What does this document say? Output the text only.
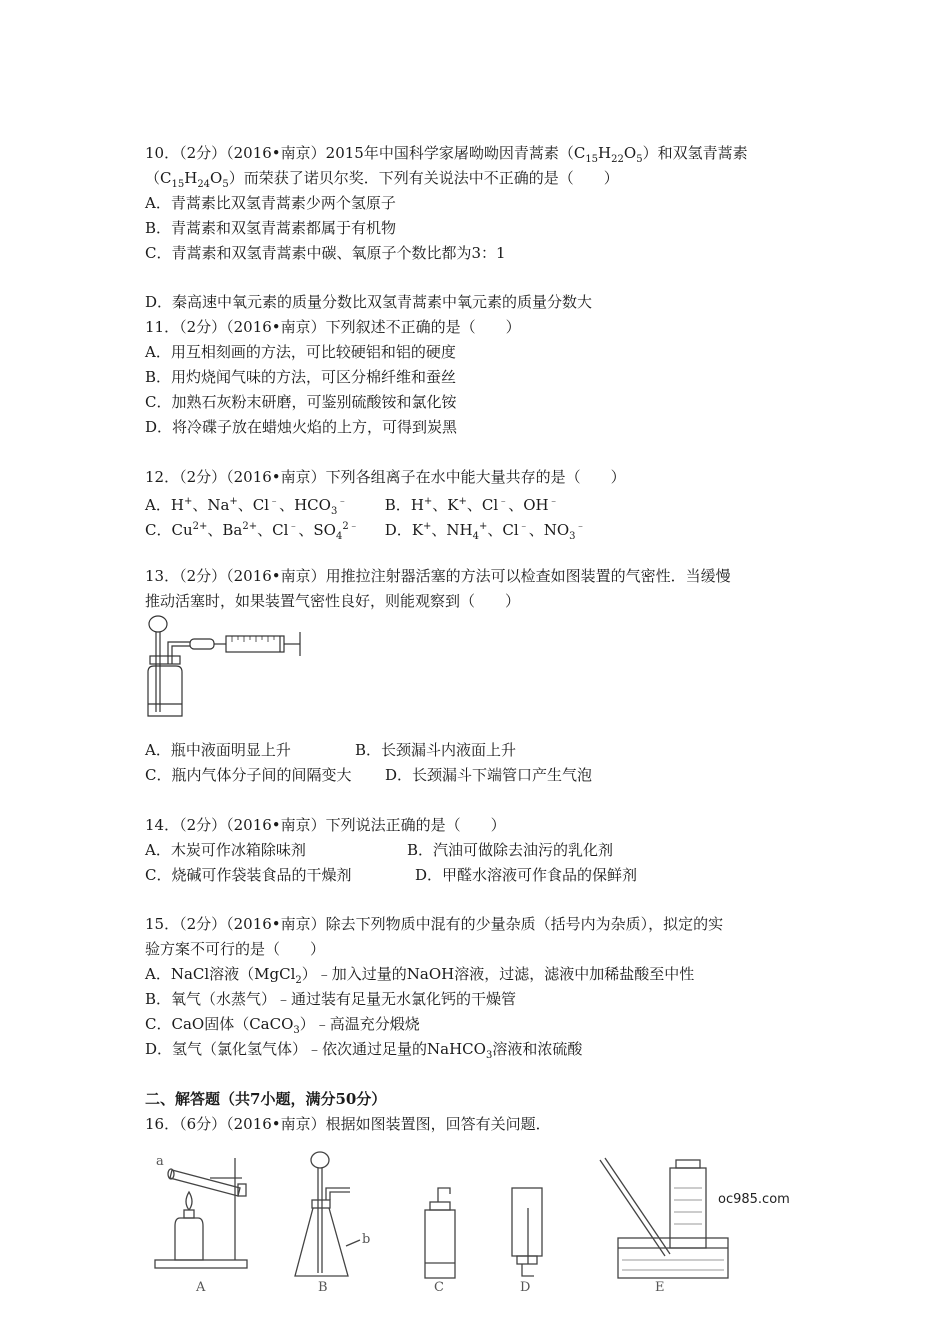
10．（2分）（2016•南京）2015年中国科学家屠呦呦因青蒿素$(C_{15}H_{22}O_5)$和双氢青蒿素
$(C_{15}H_{24}O_5)$而荣获了诺贝尔奖．下列有关说法中不正确的是（　　）
A．青蒿素比双氢青蒿素少两个氢原子
B．青蒿素和双氢青蒿素都属于有机物
C．青蒿素和双氢青蒿素中碳、氧原子个数比都为3：1
D．秦高速中氧元素的质量分数比双氢青蒿素中氧元素的质量分数大
11．（2分）（2016•南京）下列叙述不正确的是（　　）
A．用互相刻画的方法，可比较硬铝和铝的硬度
B．用灼烧闻气味的方法，可区分棉纤维和蚕丝
C．加熟石灰粉末研磨，可鉴别硫酸铵和氯化铵
D．将冷碟子放在蜡烛火焰的上方，可得到炭黑
12．（2分）（2016•南京）下列各组离子在水中能大量共存的是（　　）
A．H+、Na+、Cl﹣、$HCO_3^﹣$ B．H+、K+、Cl﹣、OH﹣
C．$Cu^{2+}$、$Ba^{2+}$、Cl﹣、$SO_4^{2﹣}$ D．K+、$NH_4^+$、Cl﹣、$NO_3^﹣$
13．（2分）（2016•南京）用推拉注射器活塞的方法可以检查如图装置的气密性．当缓慢
推动活塞时，如果装置气密性良好，则能观察到（　　）
A．瓶中液面明显上升	B．长颈漏斗内液面上升
C．瓶内气体分子间的间隔变大 D．长颈漏斗下端管口产生气泡
14．（2分）（2016•南京）下列说法正确的是（　　）
A．木炭可作冰箱除味剂	B．汽油可做除去油污的乳化剂
C．烧碱可作袋装食品的干燥剂	D．甲醛水溶液可作食品的保鲜剂
15．（2分）（2016•南京）除去下列物质中混有的少量杂质（括号内为杂质），拟定的实
验方案不可行的是（　　）
A．NaCl溶液（MgCl$_2$）﹣加入过量的NaOH溶液，过滤，滤液中加稀盐酸至中性
B．氧气（水蒸气）﹣通过装有足量无水氯化钙的干燥管
C．CaO固体（CaCO$_3$）﹣高温充分煅烧
D．氢气（氯化氢气体）﹣依次通过足量的NaHCO$_3$溶液和浓硫酸
二、解答题（共7小题，满分50分）
16．（6分）（2016•南京）根据如图装置图，回答有关问题．
a
b
A	B	C	D	E
oc985.com
